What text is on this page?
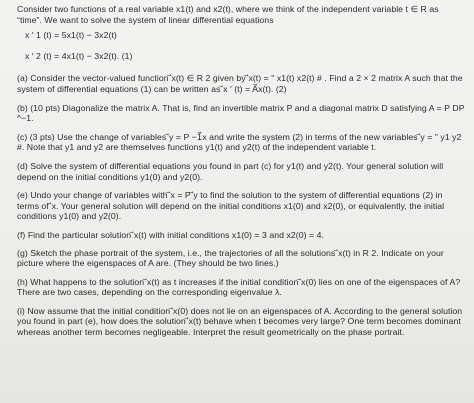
Consider two functions of a real variable x1(t) and x2(t), where we think of the independent variable t ∈ R as “time”. We want to solve the system of linear differential equations

x ′ 1 (t) = 5x1(t) − 3x2(t)

x ′ 2 (t) = 4x1(t) − 3x2(t). (1)

(a) Consider the vector-valued function ⃗x(t) ∈ R 2 given by ⃗x(t) = " x1(t) x2(t) # . Find a 2 × 2 matrix A such that the system of differential equations (1) can be written as ⃗x ′ (t) = A⃗x(t). (2)

(b) (10 pts) Diagonalize the matrix A. That is, find an invertible matrix P and a diagonal matrix D satisfying A = P DP ^−1.

(c) (3 pts) Use the change of variables ⃗y = P −1⃗x and write the system (2) in terms of the new variables ⃗y = " y1 y2 #. Note that y1 and y2 are themselves functions y1(t) and y2(t) of the independent variable t.

(d) Solve the system of differential equations you found in part (c) for y1(t) and y2(t). Your general solution will depend on the initial conditions y1(0) and y2(0).

(e) Undo your change of variables with ⃗x = P ⃗y to find the solution to the system of differential equations (2) in terms of ⃗x. Your general solution will depend on the initial conditions x1(0) and x2(0), or equivalently, the initial conditions y1(0) and y2(0).

(f) Find the particular solution ⃗x(t) with initial conditions x1(0) = 3 and x2(0) = 4.

(g) Sketch the phase portrait of the system, i.e., the trajectories of all the solutions ⃗x(t) in R 2. Indicate on your picture where the eigenspaces of A are. (They should be two lines.)

(h) What happens to the solution ⃗x(t) as t increases if the initial condition ⃗x(0) lies on one of the eigenspaces of A? There are two cases, depending on the corresponding eigenvalue λ.

(i) Now assume that the initial condition ⃗x(0) does not lie on an eigenspaces of A. According to the general solution you found in part (e), how does the solution ⃗x(t) behave when t becomes very large? One term becomes dominant whereas another term becomes negligeable. Interpret the result geometrically on the phase portrait.
